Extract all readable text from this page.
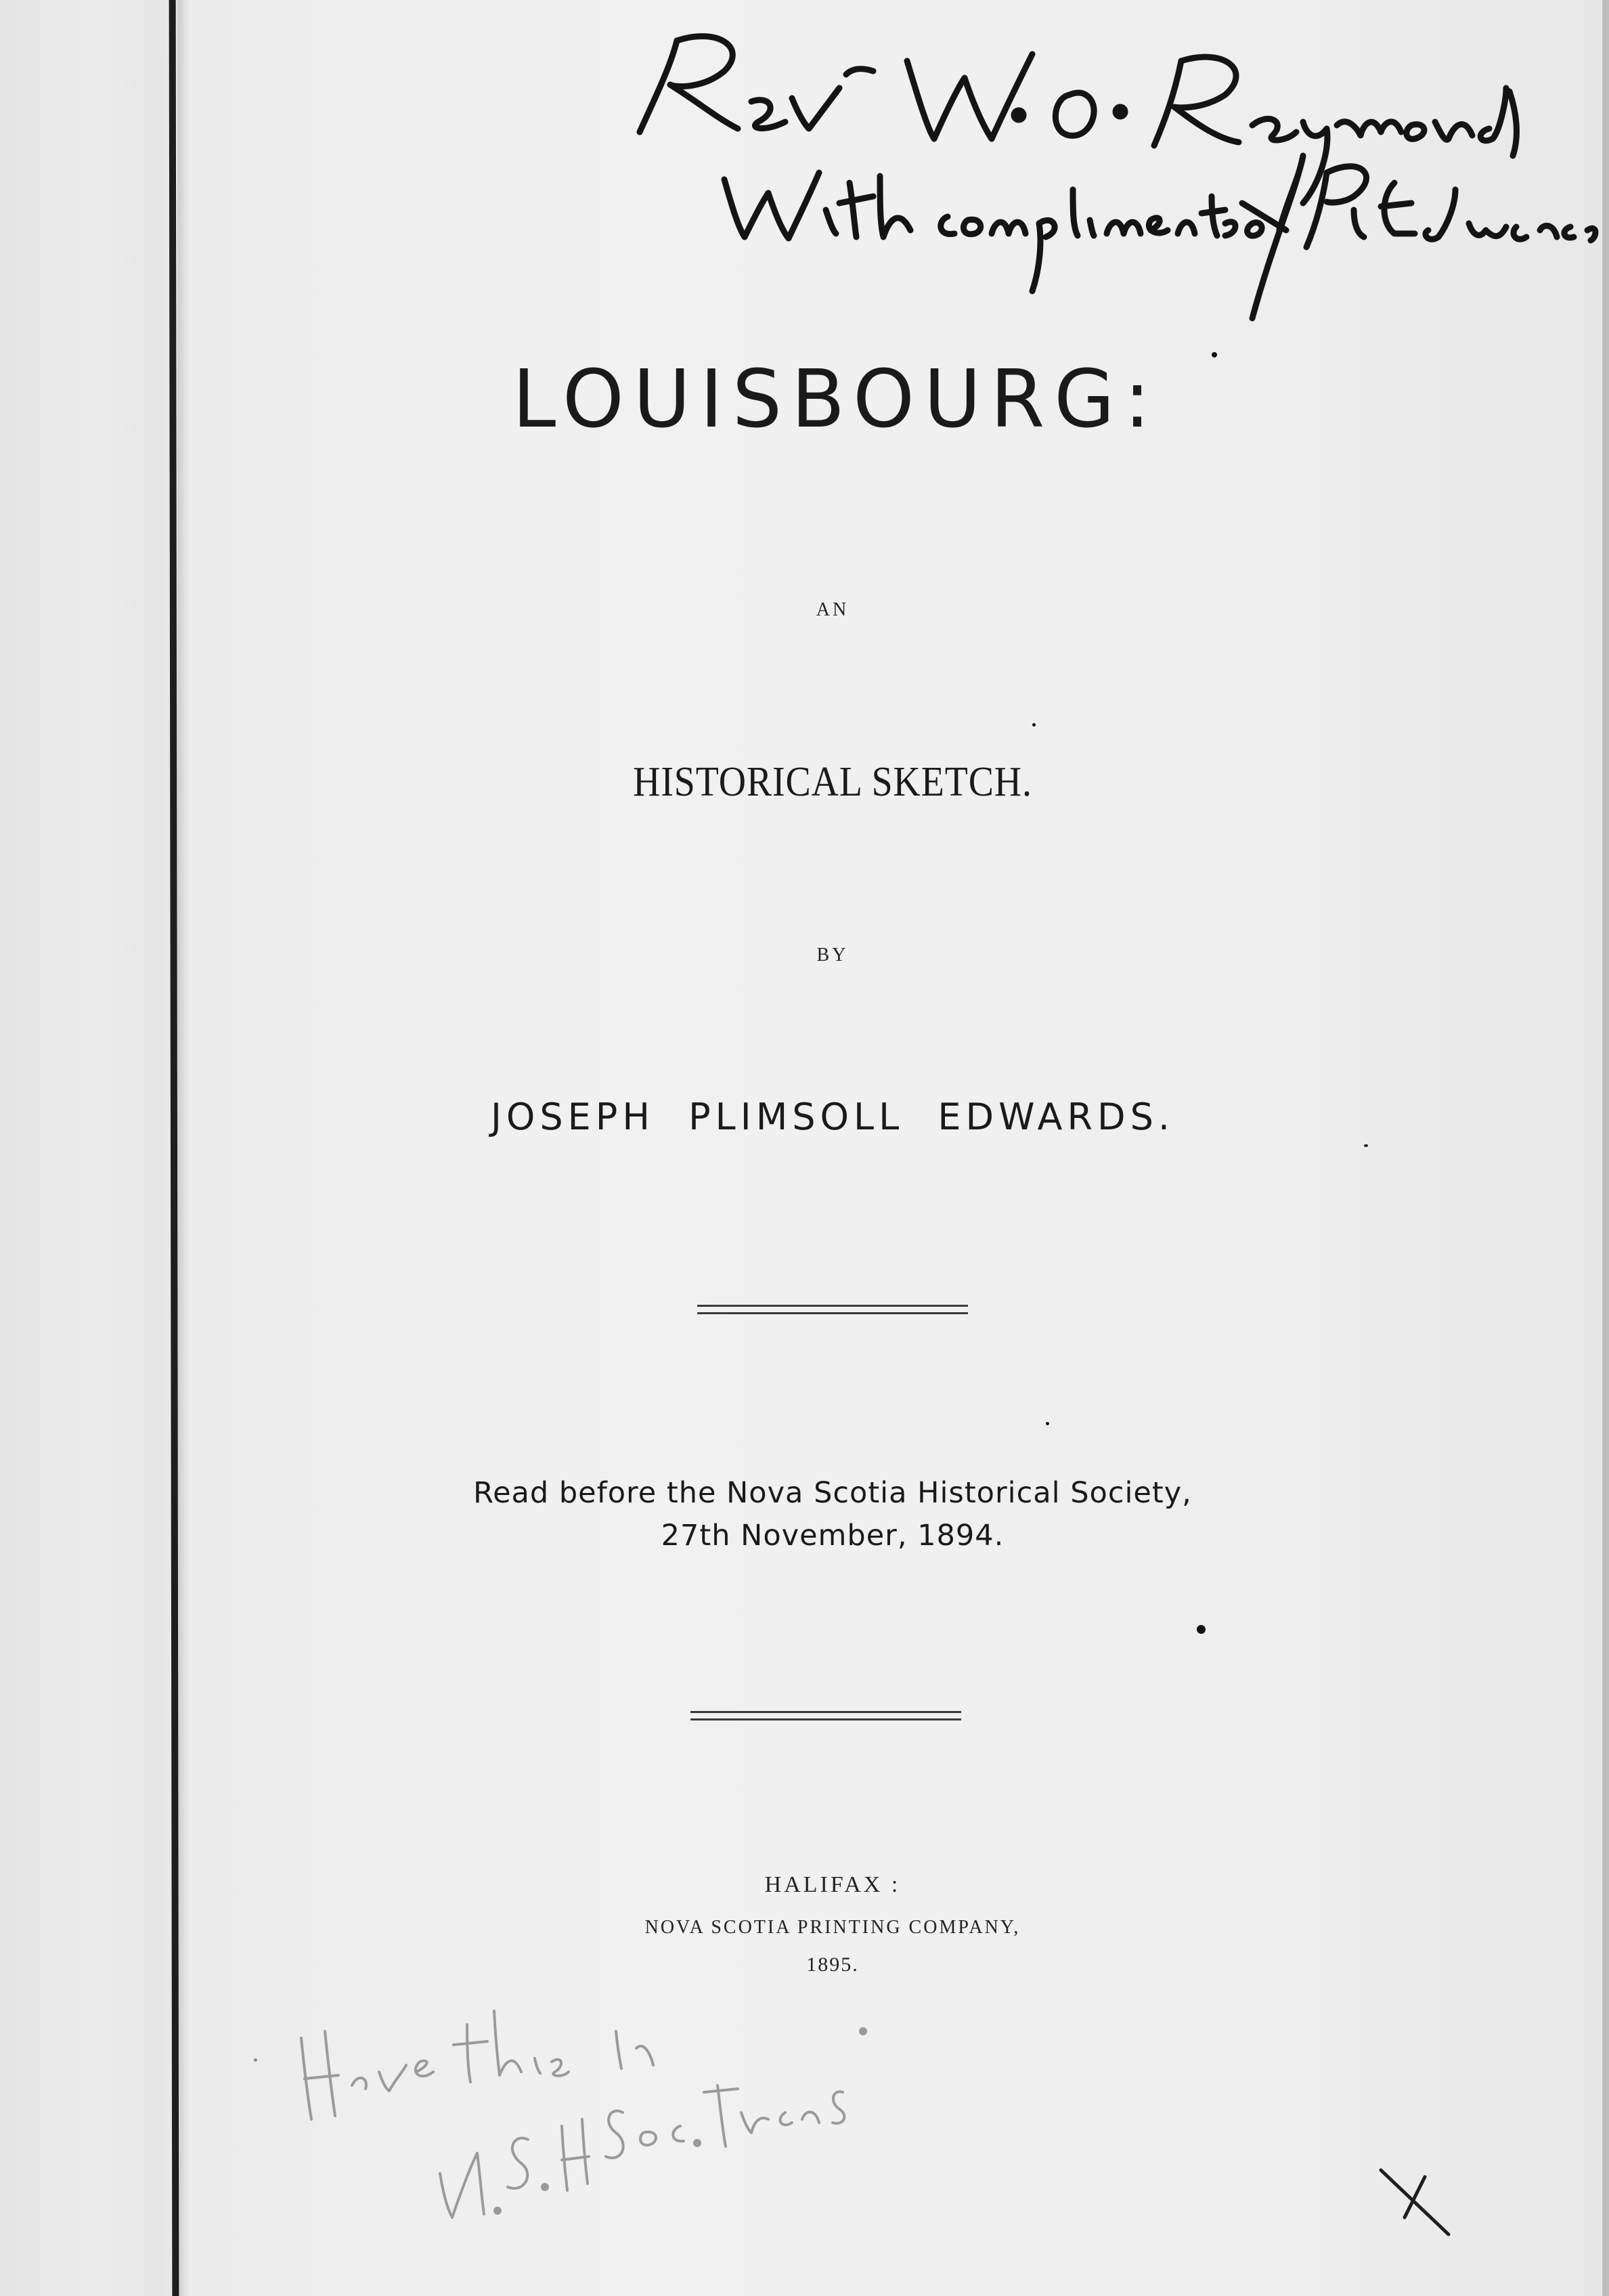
LOUISBOURG:
AN
HISTORICAL SKETCH.
BY
JOSEPH PLIMSOLL EDWARDS.
Read before the Nova Scotia Historical Society,
27th November, 1894.
HALIFAX :
NOVA SCOTIA PRINTING COMPANY,
1895.
